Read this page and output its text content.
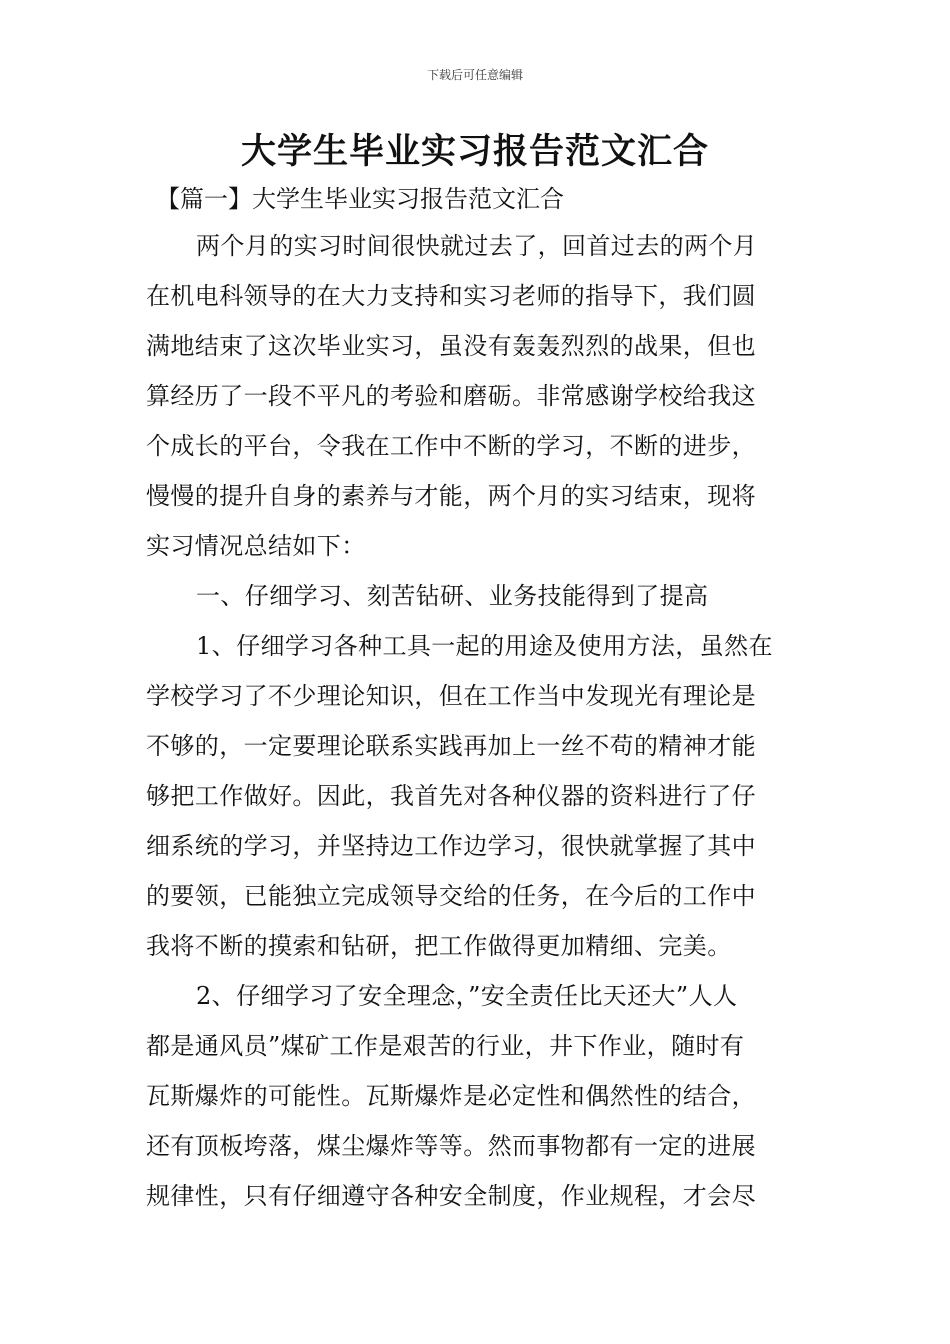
下载后可任意编辑
大学生毕业实习报告范文汇合
【篇一】大学生毕业实习报告范文汇合
两个月的实习时间很快就过去了，回首过去的两个月
在机电科领导的在大力支持和实习老师的指导下，我们圆
满地结束了这次毕业实习，虽没有轰轰烈烈的战果，但也
算经历了一段不平凡的考验和磨砺。非常感谢学校给我这
个成长的平台，令我在工作中不断的学习，不断的进步，
慢慢的提升自身的素养与才能，两个月的实习结束，现将
实习情况总结如下：
一、仔细学习、刻苦钻研、业务技能得到了提高
1、仔细学习各种工具一起的用途及使用方法，虽然在
学校学习了不少理论知识，但在工作当中发现光有理论是
不够的，一定要理论联系实践再加上一丝不苟的精神才能
够把工作做好。因此，我首先对各种仪器的资料进行了仔
细系统的学习，并坚持边工作边学习，很快就掌握了其中
的要领，已能独立完成领导交给的任务，在今后的工作中
我将不断的摸索和钻研，把工作做得更加精细、完美。
2、仔细学习了安全理念，”安全责任比天还大”人人
都是通风员”煤矿工作是艰苦的行业，井下作业，随时有
瓦斯爆炸的可能性。瓦斯爆炸是必定性和偶然性的结合，
还有顶板垮落，煤尘爆炸等等。然而事物都有一定的进展
规律性，只有仔细遵守各种安全制度，作业规程，才会尽
